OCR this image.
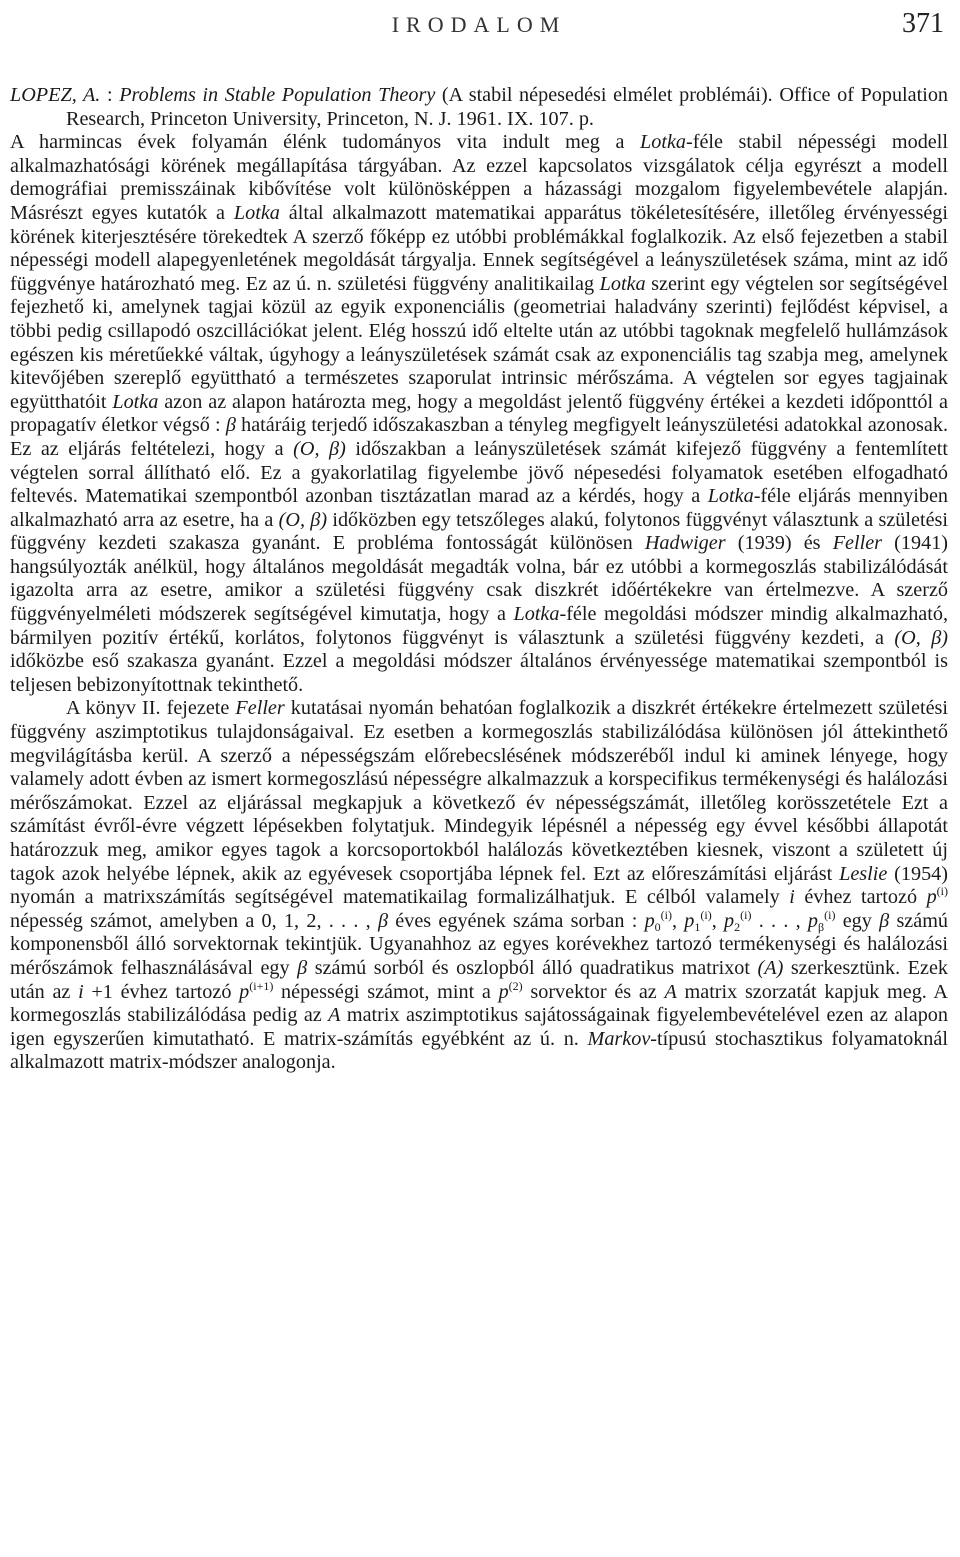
IRODALOM	371

LOPEZ, A. : Problems in Stable Population Theory (A stabil népesedési elmélet problémái). Office of Population Research, Princeton University, Princeton, N. J. 1961. IX. 107. p.

A harmincas évek folyamán élénk tudományos vita indult meg a Lotka-féle stabil népességi modell alkalmazhatósági körének megállapítása tárgyában. Az ezzel kapcsolatos vizsgálatok célja egyrészt a modell demográfiai premisszáinak kibővítése volt különösképpen a házassági mozgalom figyelembevétele alapján. Másrészt egyes kutatók a Lotka által alkalmazott matematikai apparátus tökéletesítésére, illetőleg érvényességi körének kiterjesztésére törekedtek A szerző főképp ez utóbbi problémákkal foglalkozik. Az első fejezetben a stabil népességi modell alapegyenletének megoldását tárgyalja. Ennek segítségével a leányszületések száma, mint az idő függvénye határozható meg. Ez az ú. n. születési függvény analitikailag Lotka szerint egy végtelen sor segítségével fejezhető ki, amelynek tagjai közül az egyik exponenciális (geometriai haladvány szerinti) fejlődést képvisel, a többi pedig csillapodó oszcillációkat jelent. Elég hosszú idő eltelte után az utóbbi tagoknak megfelelő hullámzások egészen kis méretűekké váltak, úgyhogy a leányszületések számát csak az exponenciális tag szabja meg, amelynek kitevőjében szereplő együttható a természetes szaporulat intrinsic mérőszáma. A végtelen sor egyes tagjainak együtthatóit Lotka azon az alapon határozta meg, hogy a megoldást jelentő függvény értékei a kezdeti időponttól a propagatív életkor végső : β határáig terjedő időszakaszban a tényleg megfigyelt leányszületési adatokkal azonosak. Ez az eljárás feltételezi, hogy a (O, β) időszakban a leányszületések számát kifejező függvény a fentemlített végtelen sorral állítható elő. Ez a gyakorlatilag figyelembe jövő népesedési folyamatok esetében elfogadható feltevés. Matematikai szempontból azonban tisztázatlan marad az a kérdés, hogy a Lotka-féle eljárás mennyiben alkalmazható arra az esetre, ha a (O, β) időközben egy tetszőleges alakú, folytonos függvényt választunk a születési függvény kezdeti szakasza gyanánt. E probléma fontosságát különösen Hadwiger (1939) és Feller (1941) hangsúlyozták anélkül, hogy általános megoldását megadták volna, bár ez utóbbi a kormegoszlás stabilizálódását igazolta arra az esetre, amikor a születési függvény csak diszkrét időértékekre van értelmezve. A szerző függvényelméleti módszerek segítségével kimutatja, hogy a Lotka-féle megoldási módszer mindig alkalmazható, bármilyen pozitív értékű, korlátos, folytonos függvényt is választunk a születési függvény kezdeti, a (O, β) időközbe eső szakasza gyanánt. Ezzel a megoldási módszer általános érvényessége matematikai szempontból is teljesen bebizonyítottnak tekinthető.

A könyv II. fejezete Feller kutatásai nyomán behatóan foglalkozik a diszkrét értékekre értelmezett születési függvény aszimptotikus tulajdonságaival. Ez esetben a kormegoszlás stabilizálódása különösen jól áttekinthető megvilágításba kerül. A szerző a népességszám előrebecslésének módszeréből indul ki aminek lényege, hogy valamely adott évben az ismert kormegoszlású népességre alkalmazzuk a korspecifikus termékenységi és halálozási mérőszámokat. Ezzel az eljárással megkapjuk a következő év népességszámát, illetőleg korösszetétele Ezt a számítást évről-évre végzett lépésekben folytatjuk. Mindegyik lépésnél a népesség egy évvel későbbi állapotát határozzuk meg, amikor egyes tagok a korcsoportokból halálozás következtében kiesnek, viszont a született új tagok azok helyébe lépnek, akik az egyévesek csoportjába lépnek fel. Ezt az előreszámítási eljárást Leslie (1954) nyomán a matrixszámítás segítségével matematikailag formalizálhatjuk. E célból valamely i évhez tartozó $p^{(i)}$ népesség számot, amelyben a 0, 1, 2, . . . , β éves egyének száma sorban : $p_0^{(i)}$, $p_1^{(i)}$, $p_2^{(i)}$ . . . , $p_\beta^{(i)}$ egy β számú komponensből álló sorvektornak tekintjük. Ugyanahhoz az egyes korévekhez tartozó termékenységi és halálozási mérőszámok felhasználásával egy β számú sorból és oszlopból álló quadratikus matrixot (A) szerkesztünk. Ezek után az i +1 évhez tartozó $p^{(i+1)}$ népességi számot, mint a $p^{(2)}$ sorvektor és az A matrix szorzatát kapjuk meg. A kormegoszlás stabilizálódása pedig az A matrix aszimptotikus sajátosságainak figyelembevételével ezen az alapon igen egyszerűen kimutatható. E matrix-számítás egyébként az ú. n. Markov-típusú stochasztikus folyamatoknál alkalmazott matrix-módszer analogonja.
